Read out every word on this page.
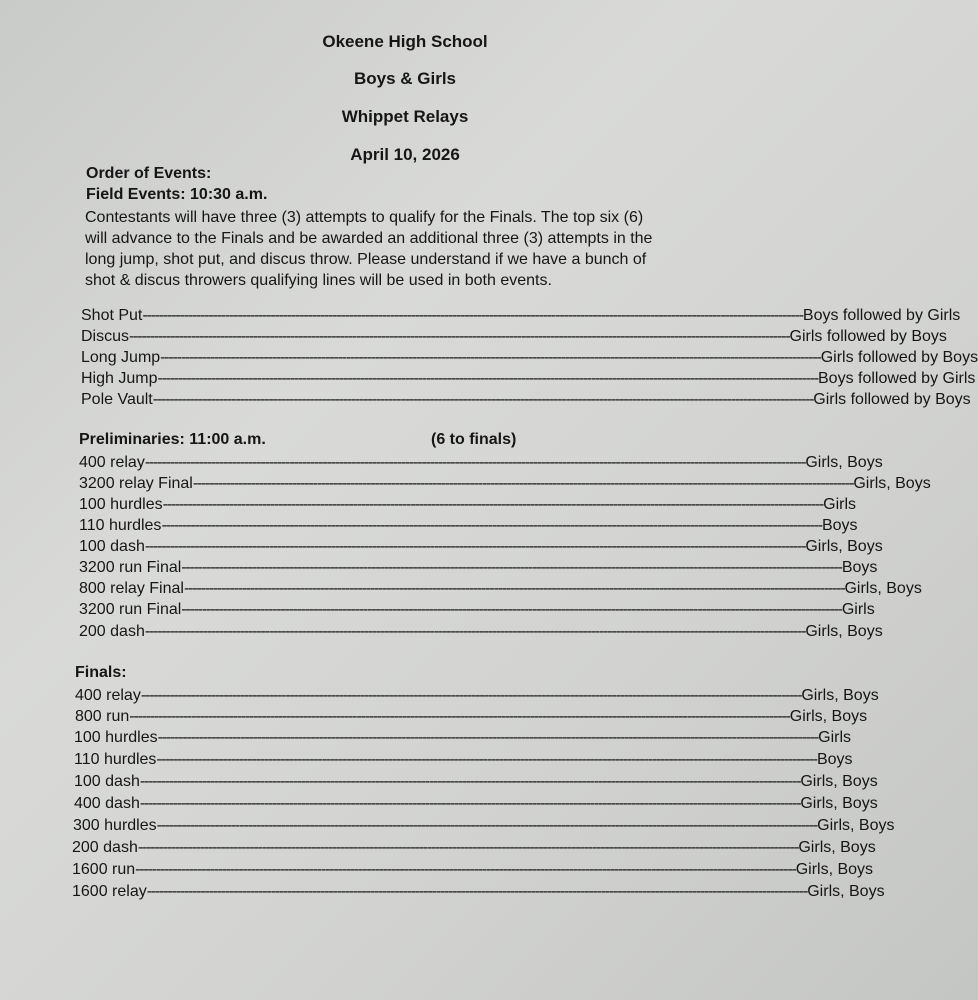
Okeene High School
Boys & Girls
Whippet Relays
April 10, 2026
Order of Events:
Field Events: 10:30 a.m.
Contestants will have three (3) attempts to qualify for the Finals. The top six (6)
will advance to the Finals and be awarded an additional three (3) attempts in the
long jump, shot put, and discus throw. Please understand if we have a bunch of
shot & discus throwers qualifying lines will be used in both events.
Shot Put ---------------------------------------------------------------------------------------------------------------------------------------------------------------- Boys followed by Girls
Discus ---------------------------------------------------------------------------------------------------------------------------------------------------------------- Girls followed by Boys
Long Jump ---------------------------------------------------------------------------------------------------------------------------------------------------------------- Girls followed by Boys
High Jump ---------------------------------------------------------------------------------------------------------------------------------------------------------------- Boys followed by Girls
Pole Vault ---------------------------------------------------------------------------------------------------------------------------------------------------------------- Girls followed by Boys
Preliminaries: 11:00 a.m.	(6 to finals)
400 relay ---------------------------------------------------------------------------------------------------------------------------------------------------------------- Girls, Boys
3200 relay Final ---------------------------------------------------------------------------------------------------------------------------------------------------------------- Girls, Boys
100 hurdles ---------------------------------------------------------------------------------------------------------------------------------------------------------------- Girls
110 hurdles ---------------------------------------------------------------------------------------------------------------------------------------------------------------- Boys
100 dash ---------------------------------------------------------------------------------------------------------------------------------------------------------------- Girls, Boys
3200 run Final ---------------------------------------------------------------------------------------------------------------------------------------------------------------- Boys
800 relay Final ---------------------------------------------------------------------------------------------------------------------------------------------------------------- Girls, Boys
3200 run Final ---------------------------------------------------------------------------------------------------------------------------------------------------------------- Girls
200 dash ---------------------------------------------------------------------------------------------------------------------------------------------------------------- Girls, Boys
Finals:
400 relay ---------------------------------------------------------------------------------------------------------------------------------------------------------------- Girls, Boys
800 run ---------------------------------------------------------------------------------------------------------------------------------------------------------------- Girls, Boys
100 hurdles ---------------------------------------------------------------------------------------------------------------------------------------------------------------- Girls
110 hurdles ---------------------------------------------------------------------------------------------------------------------------------------------------------------- Boys
100 dash ---------------------------------------------------------------------------------------------------------------------------------------------------------------- Girls, Boys
400 dash ---------------------------------------------------------------------------------------------------------------------------------------------------------------- Girls, Boys
300 hurdles ---------------------------------------------------------------------------------------------------------------------------------------------------------------- Girls, Boys
200 dash ---------------------------------------------------------------------------------------------------------------------------------------------------------------- Girls, Boys
1600 run ---------------------------------------------------------------------------------------------------------------------------------------------------------------- Girls, Boys
1600 relay ---------------------------------------------------------------------------------------------------------------------------------------------------------------- Girls, Boys
